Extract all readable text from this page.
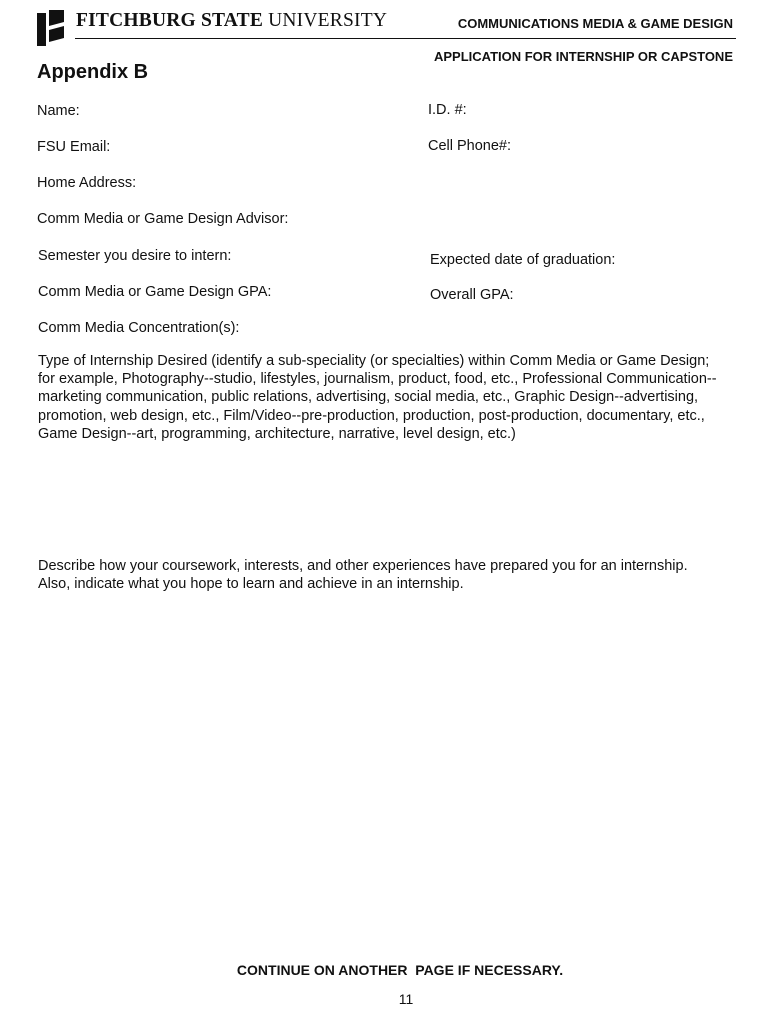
FITCHBURG STATE UNIVERSITY	COMMUNICATIONS MEDIA & GAME DESIGN
APPLICATION FOR INTERNSHIP OR CAPSTONE
Appendix B
Name:	I.D. #:
FSU Email:	Cell Phone#:
Home Address:
Comm Media or Game Design Advisor:
Semester you desire to intern:	Expected date of graduation:
Comm Media or Game Design GPA:	Overall GPA:
Comm Media Concentration(s):
Type of Internship Desired (identify a sub-speciality (or specialties) within Comm Media or Game Design;
for example, Photography--studio, lifestyles, journalism, product, food, etc., Professional Communication--
marketing communication, public relations, advertising, social media, etc., Graphic Design--advertising,
promotion, web design, etc., Film/Video--pre-production, production, post-production, documentary, etc.,
Game Design--art, programming, architecture, narrative, level design, etc.)
Describe how your coursework, interests, and other experiences have prepared you for an internship.
Also, indicate what you hope to learn and achieve in an internship.
CONTINUE ON ANOTHER  PAGE IF NECESSARY.
11
